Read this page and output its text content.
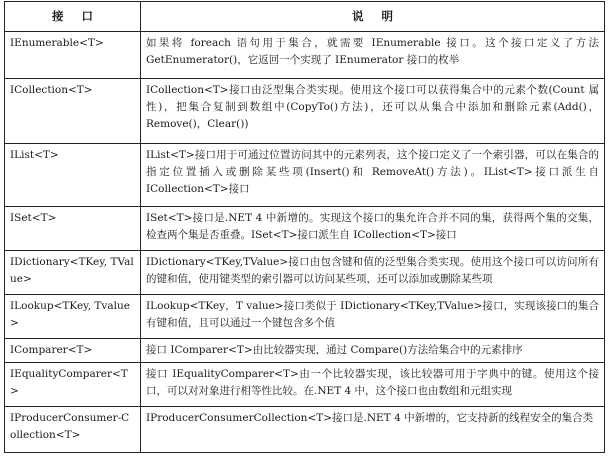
接口	说明
IEnumerable<T>	如果将 foreach 语句用于集合，就需要 IEnumerable 接口。这个接口定义了方法 GetEnumerator()，它返回一个实现了 IEnumerator 接口的枚举
ICollection<T>	ICollection<T>接口由泛型集合类实现。使用这个接口可以获得集合中的元素个数(Count 属性)，把集合复制到数组中(CopyTo()方法)，还可以从集合中添加和删除元素(Add()，Remove()，Clear())
IList<T>	IList<T>接口用于可通过位置访问其中的元素列表，这个接口定义了一个索引器，可以在集合的指定位置插入或删除某些项(Insert()和 RemoveAt()方法)。IList<T>接口派生自 ICollection<T>接口
ISet<T>	ISet<T>接口是.NET 4 中新增的。实现这个接口的集允许合并不同的集，获得两个集的交集，检查两个集是否重叠。ISet<T>接口派生自 ICollection<T>接口
IDictionary<TKey, TValue>	IDictionary<TKey,TValue>接口由包含键和值的泛型集合类实现。使用这个接口可以访问所有的键和值，使用键类型的索引器可以访问某些项，还可以添加或删除某些项
ILookup<TKey, Tvalue>	ILookup<TKey，T value>接口类似于 IDictionary<TKey,TValue>接口，实现该接口的集合有键和值，且可以通过一个键包含多个值
IComparer<T>	接口 IComparer<T>由比较器实现，通过 Compare()方法给集合中的元素排序
IEqualityComparer<T>	接口 IEqualityComparer<T>由一个比较器实现，该比较器可用于字典中的键。使用这个接口，可以对对象进行相等性比较。在.NET 4 中，这个接口也由数组和元组实现
IProducerConsumer-Collection<T>	IProducerConsumerCollection<T>接口是.NET 4 中新增的，它支持新的线程安全的集合类
